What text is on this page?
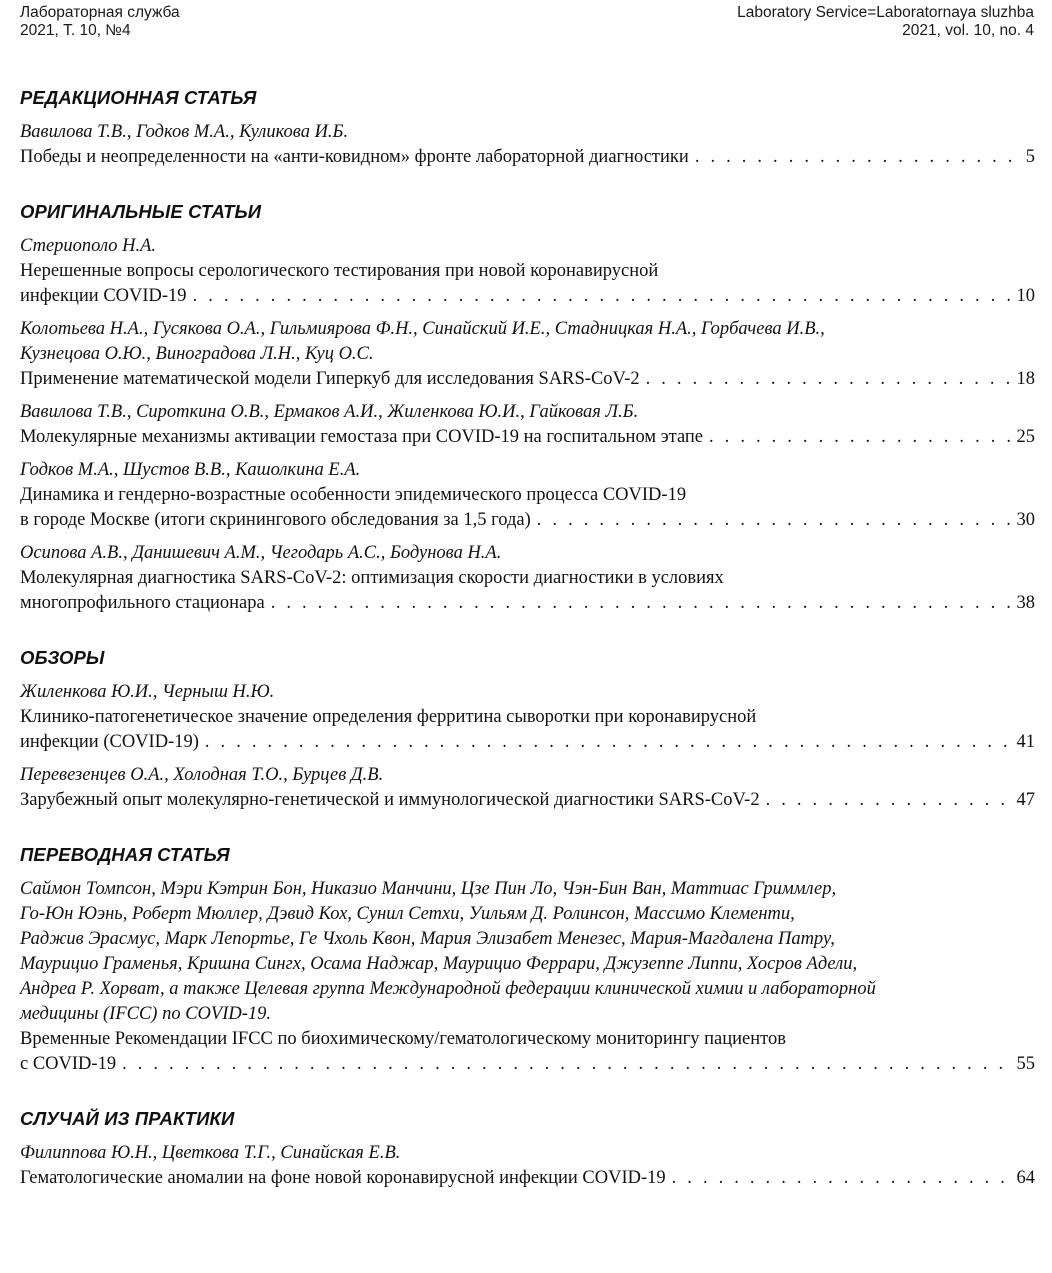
Лабораторная служба
2021, Т. 10, №4
Laboratory Service=Laboratornaya sluzhba
2021, vol. 10, no. 4
РЕДАКЦИОННАЯ СТАТЬЯ
Вавилова Т.В., Годков М.А., Куликова И.Б.
Победы и неопределенности на «анти-ковидном» фронте лабораторной диагностики . . .	5
ОРИГИНАЛЬНЫЕ СТАТЬИ
Стериополо Н.А.
Нерешенные вопросы серологического тестирования при новой коронавирусной
инфекции COVID-19 . . .	10
Колотьева Н.А., Гусякова О.А., Гильмиярова Ф.Н., Синайский И.Е., Стадницкая Н.А., Горбачева И.В.,
Кузнецова О.Ю., Виноградова Л.Н., Куц О.С.
Применение математической модели Гиперкуб для исследования SARS-CoV-2 . . .	18
Вавилова Т.В., Сироткина О.В., Ермаков А.И., Жиленкова Ю.И., Гайковая Л.Б.
Молекулярные механизмы активации гемостаза при COVID-19 на госпитальном этапе . . .	25
Годков М.А., Шустов В.В., Кашолкина Е.А.
Динамика и гендерно-возрастные особенности эпидемического процесса COVID-19
в городе Москве (итоги скринингового обследования за 1,5 года) . . .	30
Осипова А.В., Данишевич А.М., Чегодарь А.С., Бодунова Н.А.
Молекулярная диагностика SARS-CoV-2: оптимизация скорости диагностики в условиях
многопрофильного стационара . . .	38
ОБЗОРЫ
Жиленкова Ю.И., Черныш Н.Ю.
Клинико-патогенетическое значение определения ферритина сыворотки при коронавирусной
инфекции (COVID-19) . . .	41
Перевезенцев О.А., Холодная Т.О., Бурцев Д.В.
Зарубежный опыт молекулярно-генетической и иммунологической диагностики SARS-CoV-2 . . .	47
ПЕРЕВОДНАЯ СТАТЬЯ
Саймон Томпсон, Мэри Кэтрин Бон, Никазио Манчини, Цзе Пин Ло, Чэн-Бин Ван, Маттиас Гриммлер,
Го-Юн Юэнь, Роберт Мюллер, Дэвид Кох, Сунил Сетхи, Уильям Д. Ролинсон, Массимо Клементи,
Раджив Эрасмус, Марк Лепортье, Ге Чхоль Квон, Мария Элизабет Менезес, Мария-Магдалена Патру,
Маурицио Граменья, Кришна Сингх, Осама Наджар, Маурицио Феррари, Джузеппе Липпи, Хосров Адели,
Андреа Р. Хорват, а также Целевая группа Международной федерации клинической химии и лабораторной
медицины (IFCC) по COVID-19.
Временные Рекомендации IFCC по биохимическому/гематологическому мониторингу пациентов
с COVID-19 . . .	55
СЛУЧАЙ ИЗ ПРАКТИКИ
Филиппова Ю.Н., Цветкова Т.Г., Синайская Е.В.
Гематологические аномалии на фоне новой коронавирусной инфекции COVID-19 . . .	64
